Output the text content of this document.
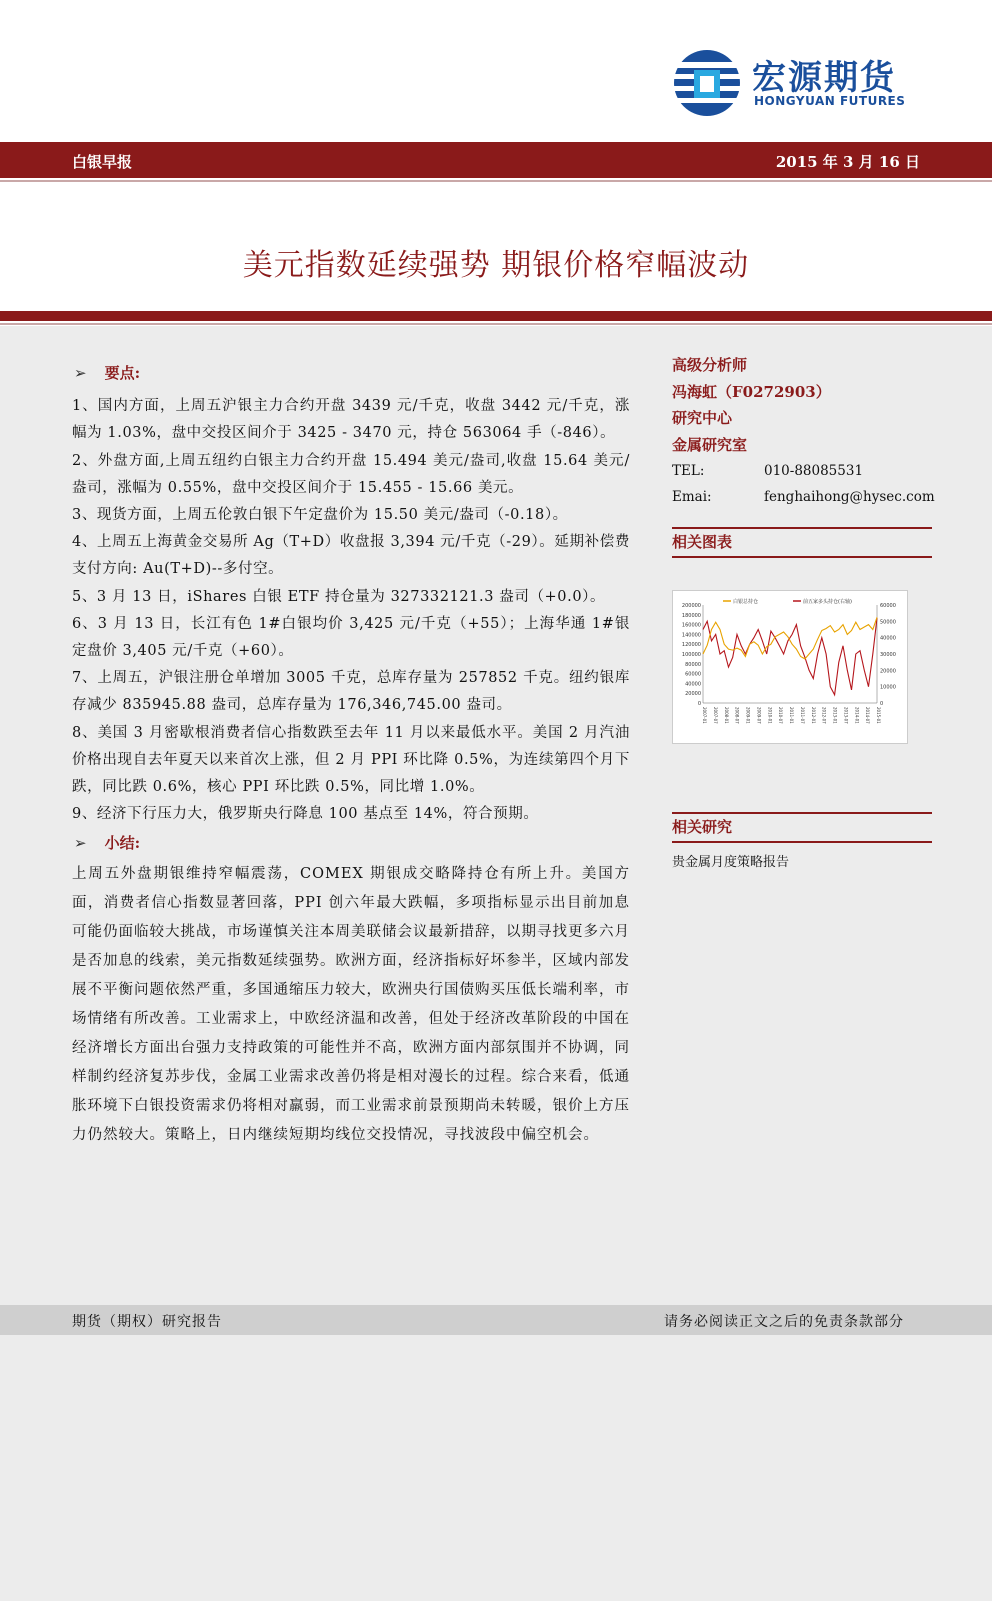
宏源期货
HONGYUAN FUTURES
白银早报	2015 年 3 月 16 日
美元指数延续强势 期银价格窄幅波动
➢ 要点:

1、国内方面，上周五沪银主力合约开盘 3439 元/千克，收盘 3442 元/千克，涨幅为 1.03%，盘中交投区间介于 3425 - 3470 元，持仓 563064 手（-846）。

2、外盘方面,上周五纽约白银主力合约开盘 15.494 美元/盎司,收盘 15.64 美元/盎司，涨幅为 0.55%，盘中交投区间介于 15.455 - 15.66 美元。

3、现货方面，上周五伦敦白银下午定盘价为 15.50 美元/盎司（-0.18）。

4、上周五上海黄金交易所 Ag（T+D）收盘报 3,394 元/千克（-29）。延期补偿费支付方向: Au(T+D)--多付空。

5、3 月 13 日，iShares 白银 ETF 持仓量为 327332121.3 盎司（+0.0）。

6、3 月 13 日，长江有色 1#白银均价 3,425 元/千克（+55）；上海华通 1#银定盘价 3,405 元/千克（+60）。

7、上周五，沪银注册仓单增加 3005 千克，总库存量为 257852 千克。纽约银库存减少 835945.88 盎司，总库存量为 176,346,745.00 盎司。

8、美国 3 月密歇根消费者信心指数跌至去年 11 月以来最低水平。美国 2 月汽油价格出现自去年夏天以来首次上涨，但 2 月 PPI 环比降 0.5%，为连续第四个月下跌，同比跌 0.6%，核心 PPI 环比跌 0.5%，同比增 1.0%。

9、经济下行压力大，俄罗斯央行降息 100 基点至 14%，符合预期。

➢ 小结:

上周五外盘期银维持窄幅震荡，COMEX 期银成交略降持仓有所上升。美国方面，消费者信心指数显著回落，PPI 创六年最大跌幅，多项指标显示出目前加息可能仍面临较大挑战，市场谨慎关注本周美联储会议最新措辞，以期寻找更多六月是否加息的线索，美元指数延续强势。欧洲方面，经济指标好坏参半，区域内部发展不平衡问题依然严重，多国通缩压力较大，欧洲央行国债购买压低长端利率，市场情绪有所改善。工业需求上，中欧经济温和改善，但处于经济改革阶段的中国在经济增长方面出台强力支持政策的可能性并不高，欧洲方面内部氛围并不协调，同样制约经济复苏步伐，金属工业需求改善仍将是相对漫长的过程。综合来看，低通胀环境下白银投资需求仍将相对羸弱，而工业需求前景预期尚未转暖，银价上方压力仍然较大。策略上，日内继续短期均线位交投情况，寻找波段中偏空机会。

高级分析师
冯海虹（F0272903）
研究中心
金属研究室
TEL:	010-88085531
Emai:	fenghaihong@hysec.com
相关图表
白银总持仓	前五家多头持仓(右轴)
200000
180000
160000
140000
120000
100000
80000
60000
40000
20000
0
60000
50000
40000
30000
20000
10000
0
2007-01 2007-07 2008-01 2008-07 2009-01 2009-07 2010-01 2010-07 2011-01 2011-07 2012-01 2012-07 2013-01 2013-07 2014-01 2014-07 2015-01
相关研究
贵金属月度策略报告
期货（期权）研究报告	请务必阅读正文之后的免责条款部分
